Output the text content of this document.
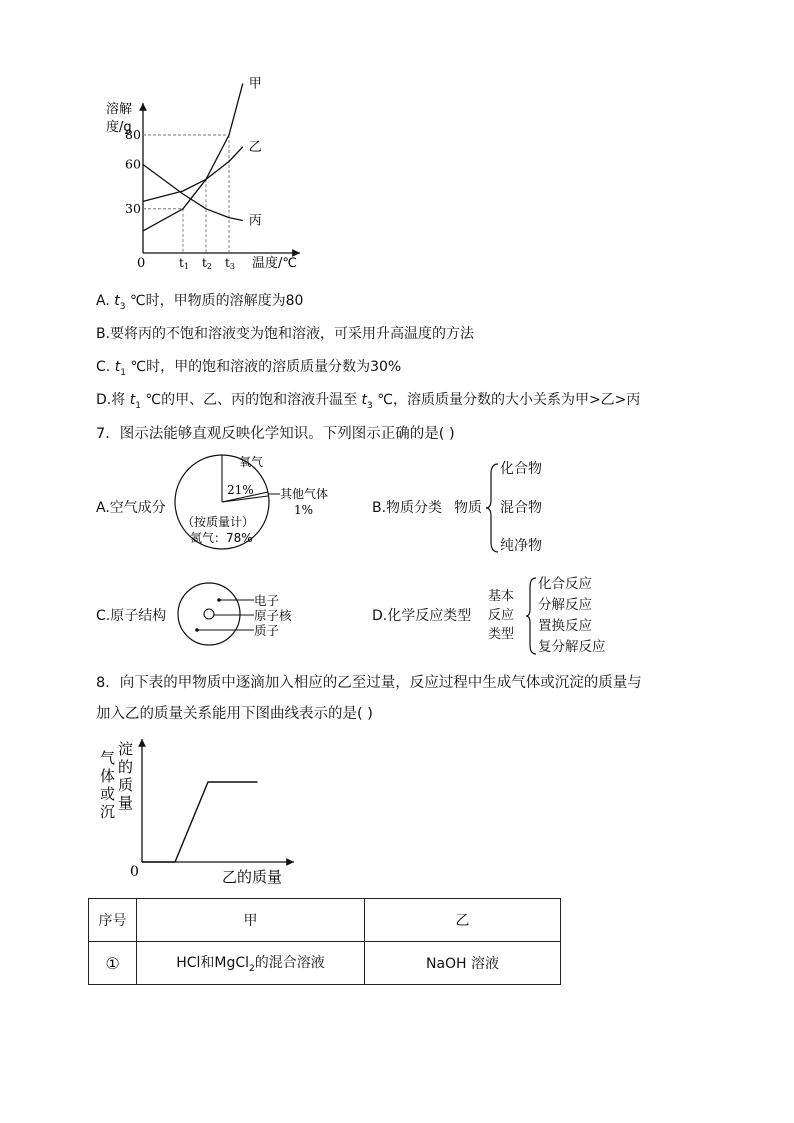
溶解
度/g
0	温度/℃
30
60
80
t1 t2 t3
甲
乙
丙
A. $t_3$ ℃时，甲物质的溶解度为80
B.要将丙的不饱和溶液变为饱和溶液，可采用升高温度的方法
C. $t_1$ ℃时，甲的饱和溶液的溶质质量分数为30%
D.将 $t_1$ ℃的甲、乙、丙的饱和溶液升温至 $t_3$ ℃，溶质质量分数的大小关系为甲>乙>丙
7．图示法能够直观反映化学知识。下列图示正确的是( )
A.空气成分
氧气
21% 其他气体
1%
（按质量计）
氮气：78%
B.物质分类 物质
化合物
混合物
纯净物
C.原子结构
电子
原子核
质子
D.化学反应类型
基本
反应
类型
化合反应
分解反应
置换反应
复分解反应
8．向下表的甲物质中逐滴加入相应的乙至过量，反应过程中生成气体或沉淀的质量与
加入乙的质量关系能用下图曲线表示的是( )
气
体
或
沉
淀
的
质
量
0	乙的质量
序号	甲	乙
①	HCl和MgCl$_2$的混合溶液	NaOH 溶液
